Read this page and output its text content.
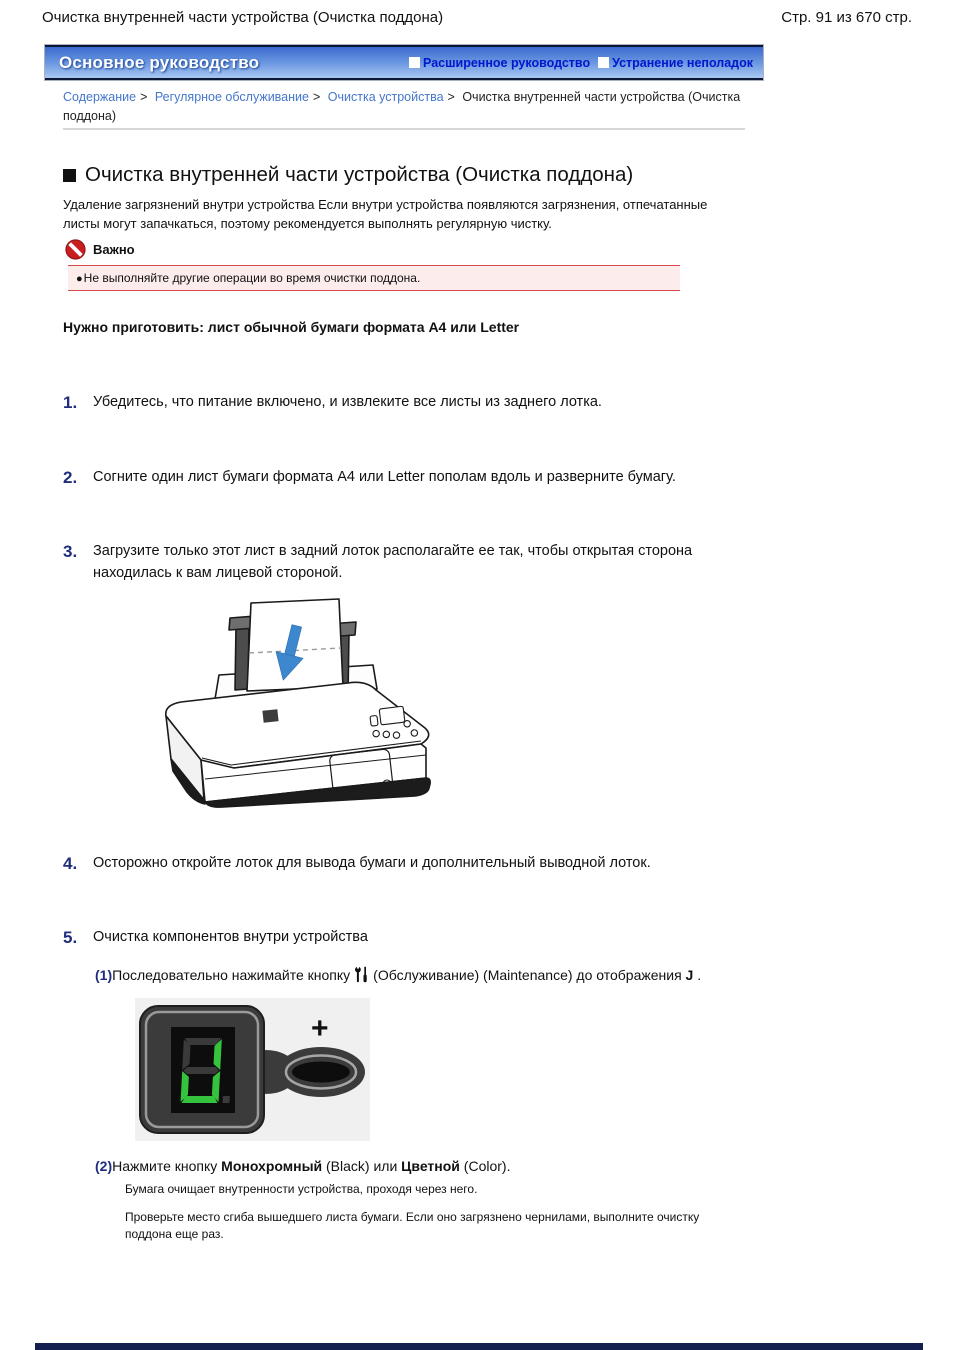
Очистка внутренней части устройства (Очистка поддона)	Стр. 91 из 670 стр.
Основное руководство	Расширенное руководство Устранение неполадок
Содержание > Регулярное обслуживание > Очистка устройства > Очистка внутренней части устройства (Очистка поддона)
Очистка внутренней части устройства (Очистка поддона)

Удаление загрязнений внутри устройства Если внутри устройства появляются загрязнения, отпечатанные листы могут запачкаться, поэтому рекомендуется выполнять регулярную чистку.

Важно
● Не выполняйте другие операции во время очистки поддона.

Нужно приготовить: лист обычной бумаги формата A4 или Letter

1.	Убедитесь, что питание включено, и извлеките все листы из заднего лотка.
2.	Согните один лист бумаги формата A4 или Letter пополам вдоль и разверните бумагу.
3.	Загрузите только этот лист в задний лоток располагайте ее так, чтобы открытая сторона находилась к вам лицевой стороной.
4.	Осторожно откройте лоток для вывода бумаги и дополнительный выводной лоток.
5.	Очистка компонентов внутри устройства
(1) Последовательно нажимайте кнопку (Обслуживание) (Maintenance) до отображения J .
+
(2) Нажмите кнопку Монохромный (Black) или Цветной (Color).

Бумага очищает внутренности устройства, проходя через него.

Проверьте место сгиба вышедшего листа бумаги. Если оно загрязнено чернилами, выполните очистку поддона еще раз.
